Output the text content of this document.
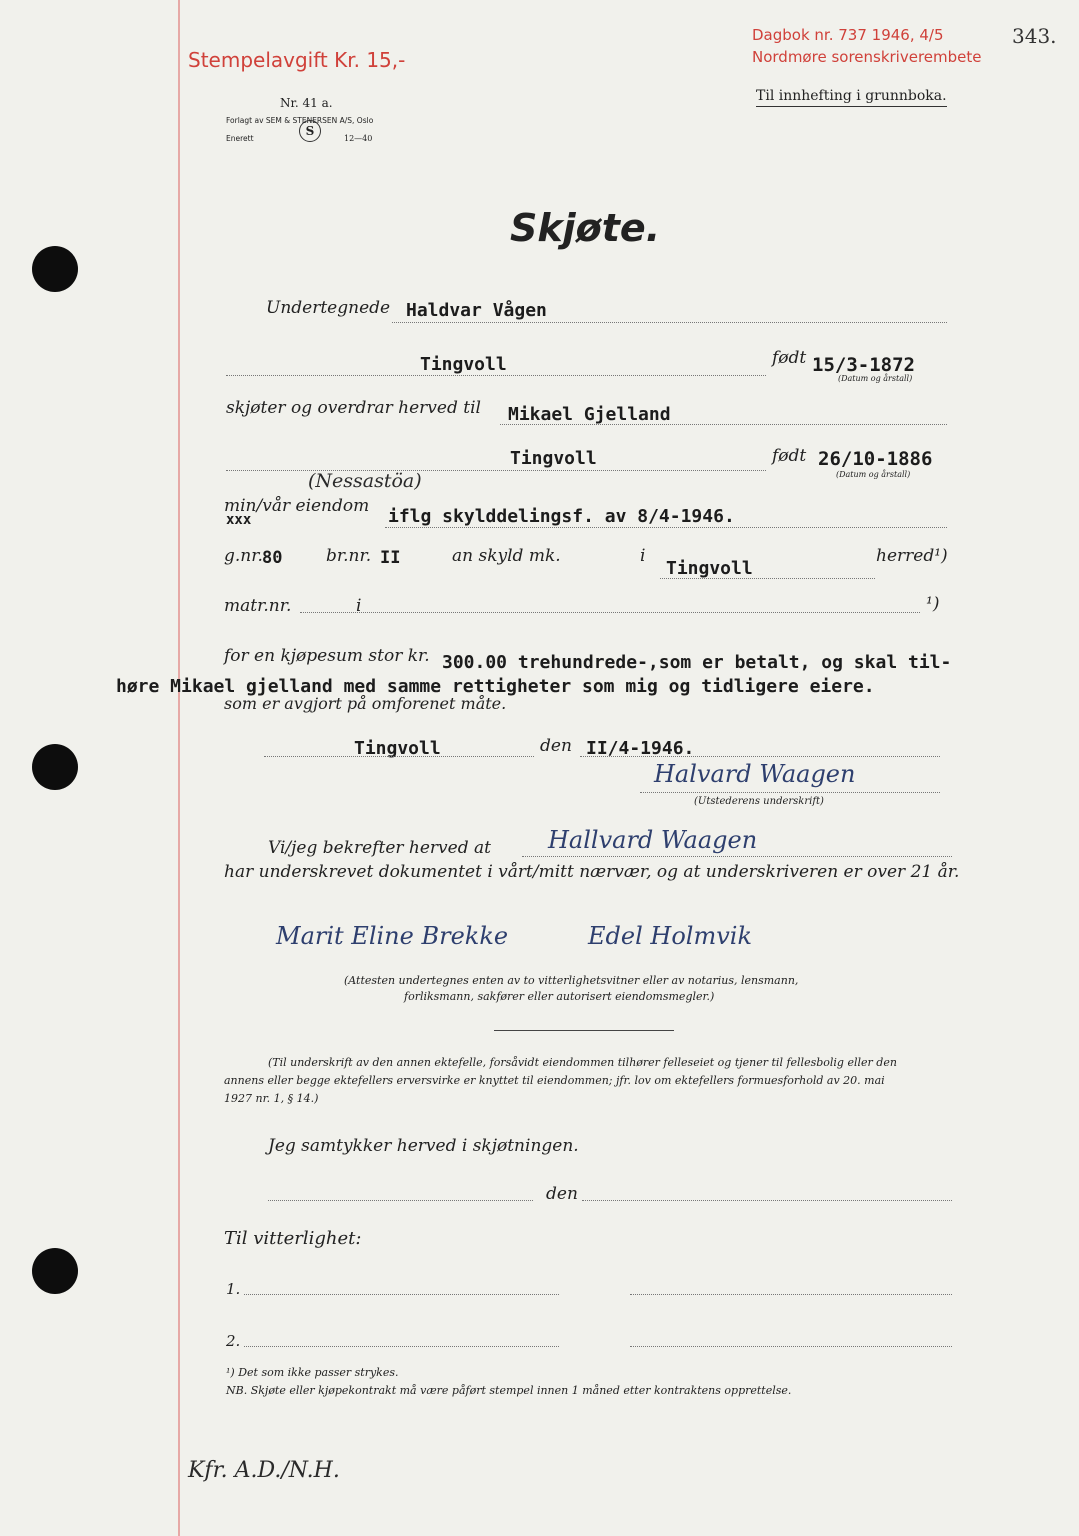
Stempelavgift Kr. 15,-
Dagbok nr. 737 1946, 4/5	343.
Nordmøre sorenskriverembete
Til innhefting i grunnboka.
Nr. 41 a.
Forlagt av SEM & STENERSEN A/S, Oslo
S
Enerett	12—40
Skjøte.
Undertegnede Haldvar Vågen
Tingvoll	født 15/3-1872
(Datum og årstall)
skjøter og overdrar herved til Mikael Gjelland
Tingvoll	født 26/10-1886
(Datum og årstall)
(Nessastöa)
min/vår eiendom
xxx	iflg skylddelingsf. av 8/4-1946.
g.nr. 80	br.nr. II	an skyld mk.	i
Tingvoll
herred¹)
matr.nr.	i	¹)
for en kjøpesum stor kr. 300.00 trehundrede-,som er betalt, og skal til-
høre Mikael gjelland med samme rettigheter som mig og tidligere eiere.
som er avgjort på omforenet måte.
Tingvoll	den II/4-1946.
Halvard Waagen
(Utstederens underskrift)
Vi/jeg bekrefter herved at Hallvard Waagen
har underskrevet dokumentet i vårt/mitt nærvær, og at underskriveren er over 21 år.
Marit Eline Brekke	Edel Holmvik
(Attesten undertegnes enten av to vitterlighetsvitner eller av notarius, lensmann,
forliksmann, sakfører eller autorisert eiendomsmegler.)
(Til underskrift av den annen ektefelle, forsåvidt eiendommen tilhører felleseiet og tjener til fellesbolig eller den
annens eller begge ektefellers erversvirke er knyttet til eiendommen; jfr. lov om ektefellers formuesforhold av 20. mai
1927 nr. 1, § 14.)
Jeg samtykker herved i skjøtningen.
den
Til vitterlighet:
1.
2.
¹) Det som ikke passer strykes.
NB. Skjøte eller kjøpekontrakt må være påført stempel innen 1 måned etter kontraktens opprettelse.
Kfr. A.D./N.H.
